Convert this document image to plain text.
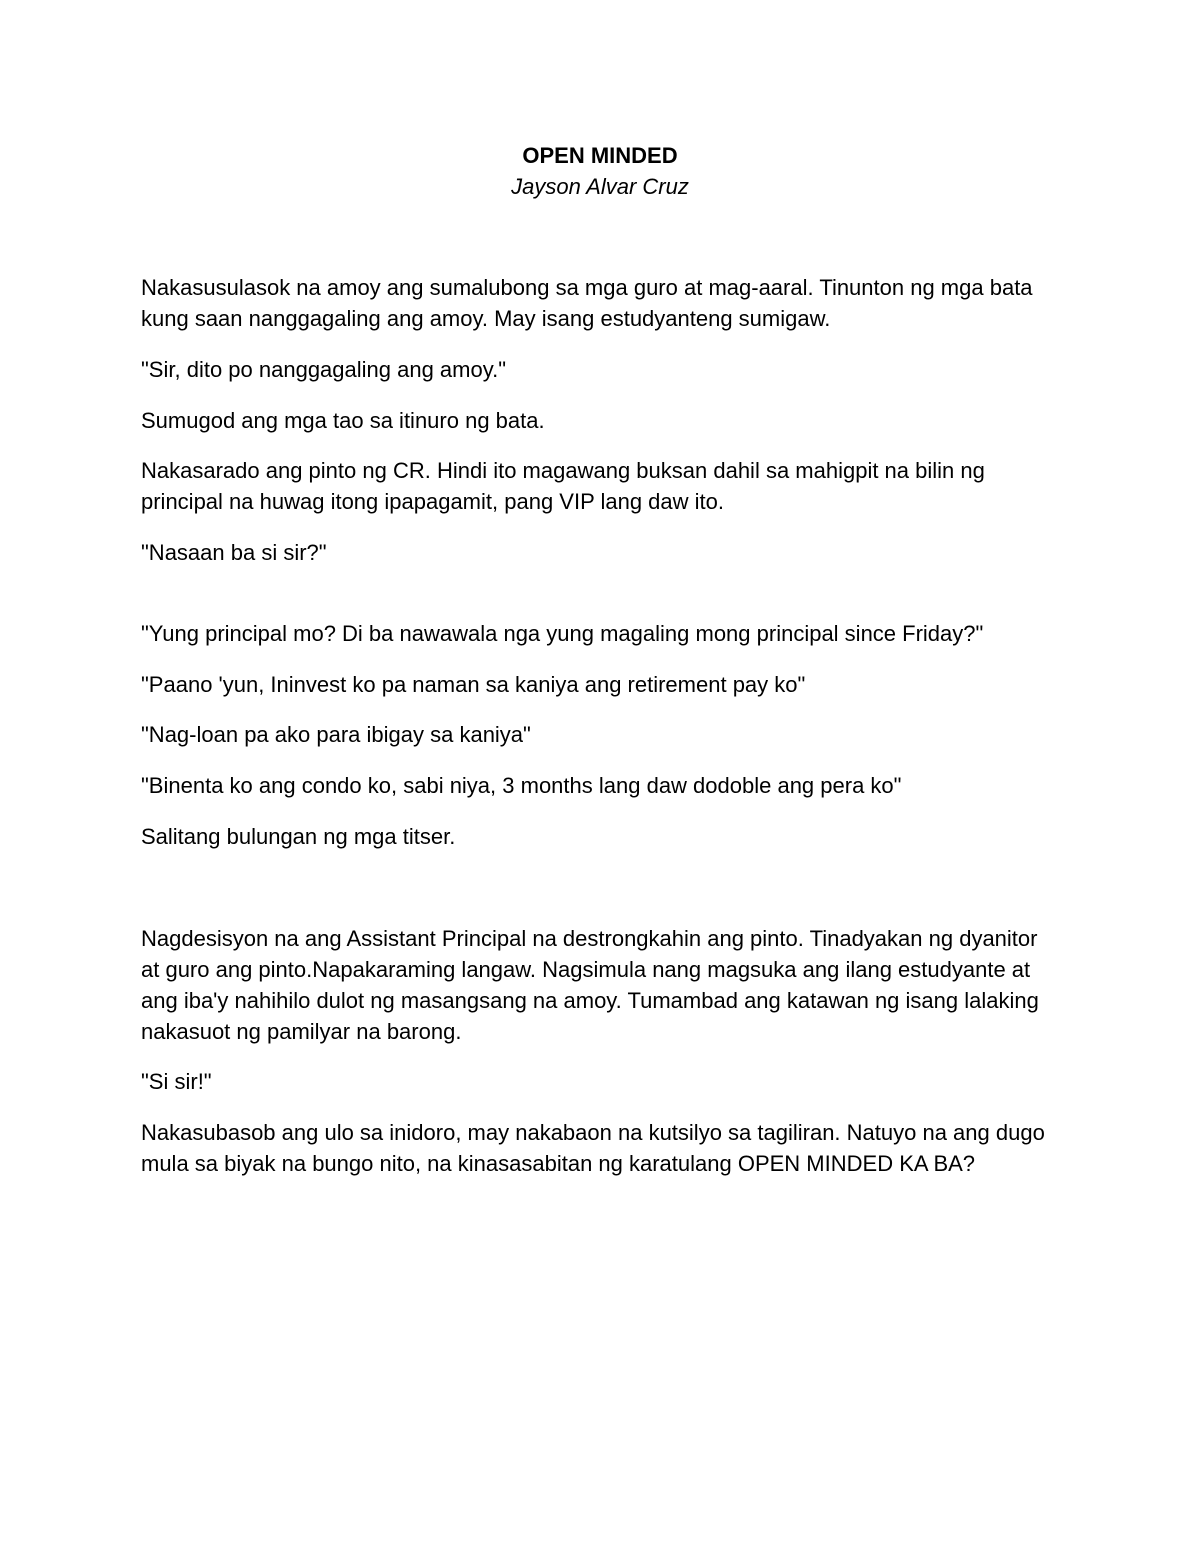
OPEN MINDED
Jayson Alvar Cruz

Nakasusulasok na amoy ang sumalubong sa mga guro at mag-aaral. Tinunton ng mga bata kung saan nanggagaling ang amoy. May isang estudyanteng sumigaw.

"Sir, dito po nanggagaling ang amoy."

Sumugod ang mga tao sa itinuro ng bata.

Nakasarado ang pinto ng CR. Hindi ito magawang buksan dahil sa mahigpit na bilin ng principal na huwag itong ipapagamit, pang VIP lang daw ito.

"Nasaan ba si sir?"

"Yung principal mo? Di ba nawawala nga yung magaling mong principal since Friday?"

"Paano 'yun, Ininvest ko pa naman sa kaniya ang retirement pay ko"

"Nag-loan pa ako para ibigay sa kaniya"

"Binenta ko ang condo ko, sabi niya, 3 months lang daw dodoble ang pera ko"

Salitang bulungan ng mga titser.

Nagdesisyon na ang Assistant Principal na destrongkahin ang pinto. Tinadyakan ng dyanitor at guro ang pinto.Napakaraming langaw. Nagsimula nang magsuka ang ilang estudyante at ang iba'y nahihilo dulot ng masangsang na amoy. Tumambad ang katawan ng isang lalaking nakasuot ng pamilyar na barong.

"Si sir!"

Nakasubasob ang ulo sa inidoro, may nakabaon na kutsilyo sa tagiliran. Natuyo na ang dugo mula sa biyak na bungo nito, na kinasasabitan ng karatulang OPEN MINDED KA BA?
